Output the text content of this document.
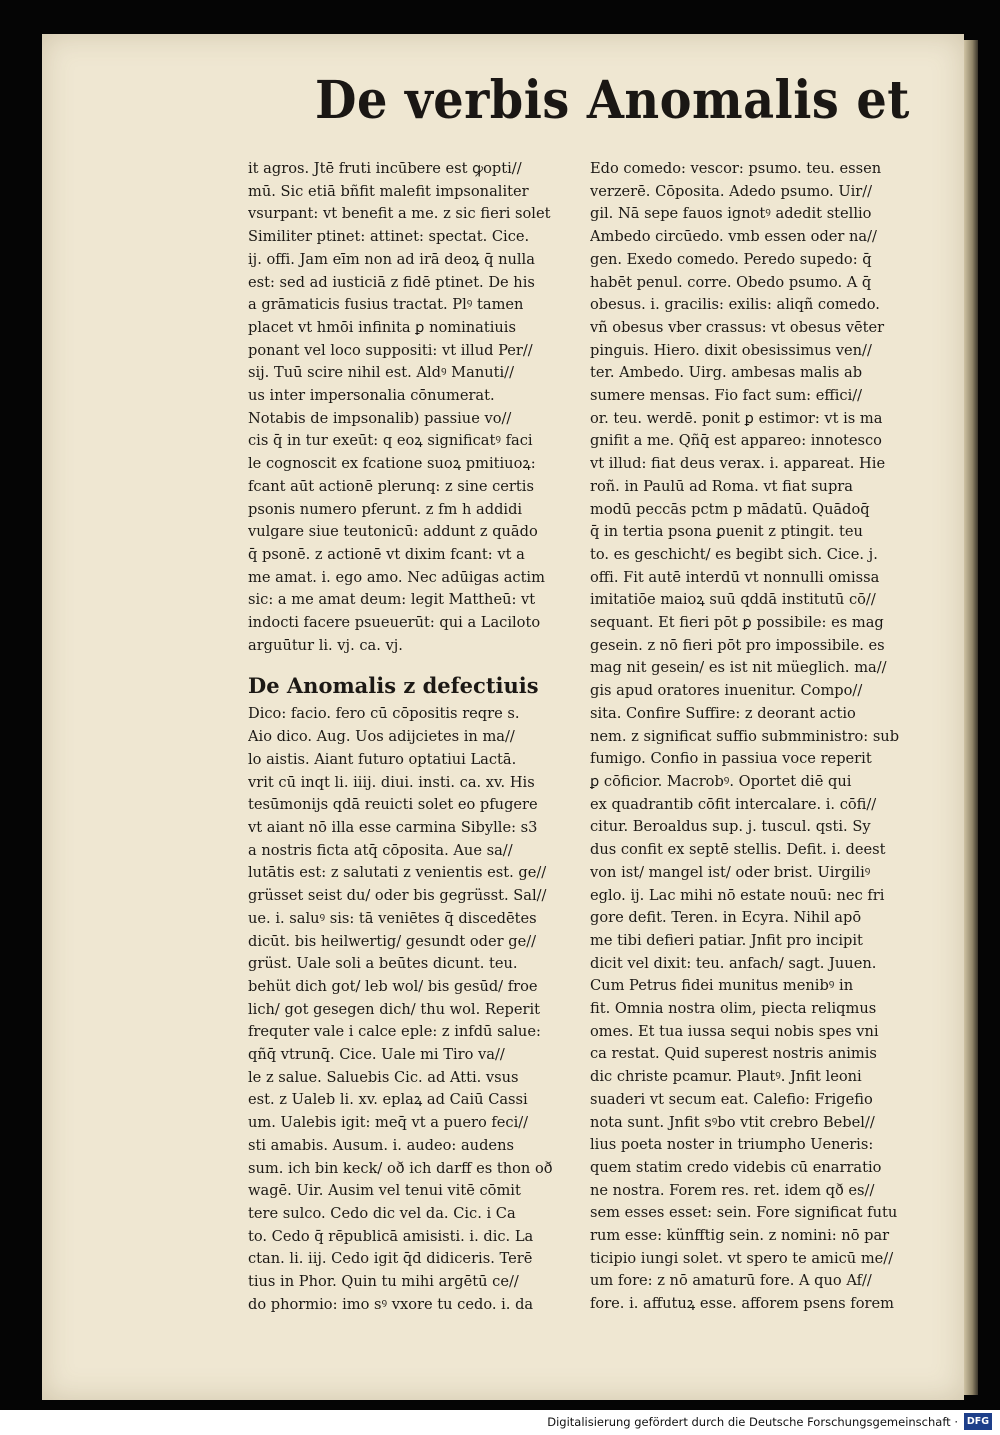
De verbis Anomalis et
it agros. Jtē fruti incūbere est ꝙopti//
mū. Sic etiā bñfit malefit impsonaliter
vsurpant: vt benefit a me. z sic fieri solet
Similiter ptinet: attinet: spectat. Cice.
ij. offi. Jam eīm non ad irā deoꝝ q̄ nulla
est: sed ad iusticiā z fidē ptinet. De his
a grāmaticis fusius tractat. Plꝰ tamen
placet vt hmōi infinita ꝑ nominatiuis
ponant vel loco suppositi: vt illud Per//
sij. Tuū scire nihil est. Aldꝰ Manuti//
us inter impersonalia cōnumerat.
Notabis de impsonalib) passiue vo//
cis q̄ in tur exeūt: q eoꝝ significatꝰ faci
le cognoscit ex fcatione suoꝝ pmitiuoꝝ:
fcant aūt actionē plerunq: z sine certis
psonis numero pferunt. z fm h addidi
vulgare siue teutonicū: addunt z quādo
q̄ psonē. z actionē vt dixim fcant: vt a
me amat. i. ego amo. Nec adūigas actim
sic: a me amat deum: legit Mattheū: vt
indocti facere psueuerūt: qui a Laciloto
arguūtur li. vj. ca. vj.
De Anomalis z defectiuis
Dico: facio. fero cū cōpositis reqre s.
Aio dico. Aug. Uos adijcietes in ma//
lo aistis. Aiant futuro optatiui Lactā.
vrit cū inqt li. iiij. diui. insti. ca. xv. His
tesūmonijs qdā reuicti solet eo pfugere
vt aiant nō illa esse carmina Sibylle: s3
a nostris ficta atq̄ cōposita. Aue sa//
lutātis est: z salutati z venientis est. ge//
grüsset seist du/ oder bis gegrüsst. Sal//
ue. i. saluꝰ sis: tā veniētes q̄ discedētes
dicūt. bis heilwertig/ gesundt oder ge//
grüst. Uale soli a beūtes dicunt. teu.
behüt dich got/ leb wol/ bis gesūd/ froe
lich/ got gesegen dich/ thu wol. Reperit
frequter vale i calce eple: z infdū salue:
qñq̄ vtrunq̄. Cice. Uale mi Tiro va//
le z salue. Saluebis Cic. ad Atti. vsus
est. z Ualeb li. xv. eplaꝝ ad Caiū Cassi
um. Ualebis igit: meq̄ vt a puero feci//
sti amabis. Ausum. i. audeo: audens
sum. ich bin keck/ oð ich darff es thon oð
wagē. Uir. Ausim vel tenui vitē cōmit
tere sulco. Cedo dic vel da. Cic. i Ca
to. Cedo q̄ rēpublicā amisisti. i. dic. La
ctan. li. iij. Cedo igit q̄d didiceris. Terē
tius in Phor. Quin tu mihi argētū ce//
do phormio: imo sꝰ vxore tu cedo. i. da
Edo comedo: vescor: psumo. teu. essen
verzerē. Cōposita. Adedo psumo. Uir//
gil. Nā sepe fauos ignotꝰ adedit stellio
Ambedo circūedo. vmb essen oder na//
gen. Exedo comedo. Peredo supedo: q̄
habēt penul. corre. Obedo psumo. A q̄
obesus. i. gracilis: exilis: aliqñ comedo.
vñ obesus vber crassus: vt obesus vēter
pinguis. Hiero. dixit obesissimus ven//
ter. Ambedo. Uirg. ambesas malis ab
sumere mensas. Fio fact sum: effici//
or. teu. werdē. ponit ꝑ estimor: vt is ma
gnifit a me. Qñq̄ est appareo: innotesco
vt illud: fiat deus verax. i. appareat. Hie
roñ. in Paulū ad Roma. vt fiat supra
modū peccās pctm p mādatū. Quādoq̄
q̄ in tertia psona ꝑuenit z ptingit. teu
to. es geschicht/ es begibt sich. Cice. j.
offi. Fit autē interdū vt nonnulli omissa
imitatiōe maioꝝ suū qddā institutū cō//
sequant. Et fieri pōt ꝑ possibile: es mag
gesein. z nō fieri pōt pro impossibile. es
mag nit gesein/ es ist nit müeglich. ma//
gis apud oratores inuenitur. Compo//
sita. Confire Suffire: z deorant actio
nem. z significat suffio submministro: sub
fumigo. Confio in passiua voce reperit
ꝑ cōficior. Macrobꝰ. Oportet diē qui
ex quadrantib cōfit intercalare. i. cōfi//
citur. Beroaldus sup. j. tuscul. qsti. Sy
dus confit ex septē stellis. Defit. i. deest
von ist/ mangel ist/ oder brist. Uirgiliꝰ
eglo. ij. Lac mihi nō estate nouū: nec fri
gore defit. Teren. in Ecyra. Nihil apō
me tibi defieri patiar. Jnfit pro incipit
dicit vel dixit: teu. anfach/ sagt. Juuen.
Cum Petrus fidei munitus menibꝰ in
fit. Omnia nostra olim, piecta reliqmus
omes. Et tua iussa sequi nobis spes vni
ca restat. Quid superest nostris animis
dic christe pcamur. Plautꝰ. Jnfit leoni
suaderi vt secum eat. Calefio: Frigefio
nota sunt. Jnfit sꝰbo vtit crebro Bebel//
lius poeta noster in triumpho Ueneris:
quem statim credo videbis cū enarratio
ne nostra. Forem res. ret. idem qð es//
sem esses esset: sein. Fore significat futu
rum esse: künfftig sein. z nomini: nō par
ticipio iungi solet. vt spero te amicū me//
um fore: z nō amaturū fore. A quo Af//
fore. i. affutuꝝ esse. afforem psens forem
Digitalisierung gefördert durch die Deutsche Forschungsgemeinschaft · DFG
